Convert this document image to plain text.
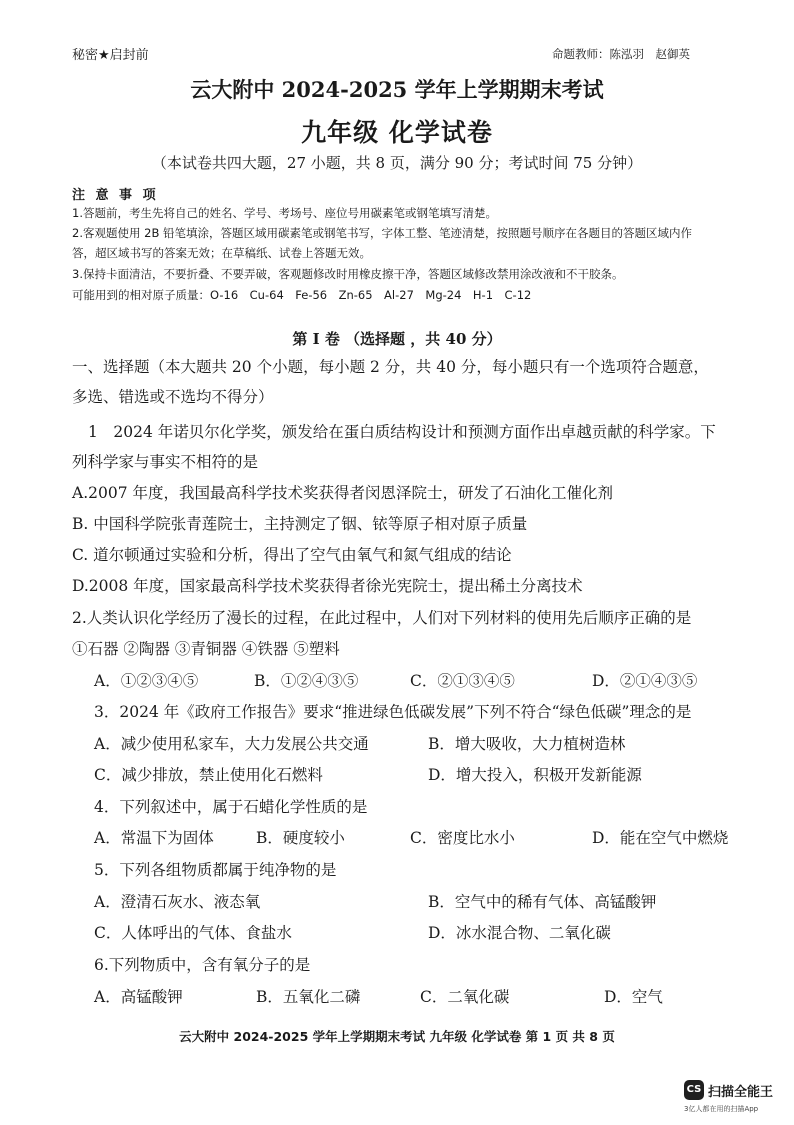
秘密★启封前	命题教师：陈泓羽　赵御英
云大附中 2024-2025 学年上学期期末考试
九年级 化学试卷
（本试卷共四大题，27 小题，共 8 页，满分 90 分；考试时间 75 分钟）
注 意 事 项
1.答题前，考生先将自己的姓名、学号、考场号、座位号用碳素笔或钢笔填写清楚。
2.客观题使用 2B 铅笔填涂，答题区域用碳素笔或钢笔书写，字体工整、笔迹清楚，按照题号顺序在各题目的答题区域内作
答，超区域书写的答案无效；在草稿纸、试卷上答题无效。
3.保持卡面清洁，不要折叠、不要弄破，客观题修改时用橡皮擦干净，答题区域修改禁用涂改液和不干胶条。
可能用到的相对原子质量：O-16　Cu-64　Fe-56　Zn-65　Al-27　Mg-24　H-1　C-12
第 I 卷 （选择题 ，共 40 分）
一、选择题（本大题共 20 个小题，每小题 2 分，共 40 分，每小题只有一个选项符合题意，
多选、错选或不选均不得分）
1　2024 年诺贝尔化学奖，颁发给在蛋白质结构设计和预测方面作出卓越贡献的科学家。下
列科学家与事实不相符的是
A.2007 年度，我国最高科学技术奖获得者闵恩泽院士，研发了石油化工催化剂
B. 中国科学院张青莲院士，主持测定了铟、铱等原子相对原子质量
C. 道尔顿通过实验和分析，得出了空气由氧气和氮气组成的结论
D.2008 年度，国家最高科学技术奖获得者徐光宪院士，提出稀土分离技术
2.人类认识化学经历了漫长的过程，在此过程中，人们对下列材料的使用先后顺序正确的是
①石器 ②陶器 ③青铜器 ④铁器 ⑤塑料
A．①②③④⑤	B．①②④③⑤	C．②①③④⑤	D．②①④③⑤
3．2024 年《政府工作报告》要求“推进绿色低碳发展”下列不符合“绿色低碳”理念的是
A．减少使用私家车，大力发展公共交通	B．增大吸收，大力植树造林
C．减少排放，禁止使用化石燃料	D．增大投入，积极开发新能源
4．下列叙述中，属于石蜡化学性质的是
A．常温下为固体	B．硬度较小	C．密度比水小	D．能在空气中燃烧
5．下列各组物质都属于纯净物的是
A．澄清石灰水、液态氧	B．空气中的稀有气体、高锰酸钾
C．人体呼出的气体、食盐水	D．冰水混合物、二氧化碳
6.下列物质中，含有氧分子的是
A．高锰酸钾	B．五氧化二磷	C．二氧化碳	D．空气
云大附中 2024-2025 学年上学期期末考试 九年级 化学试卷 第 1 页 共 8 页
CS 扫描全能王
3亿人都在用的扫描App
